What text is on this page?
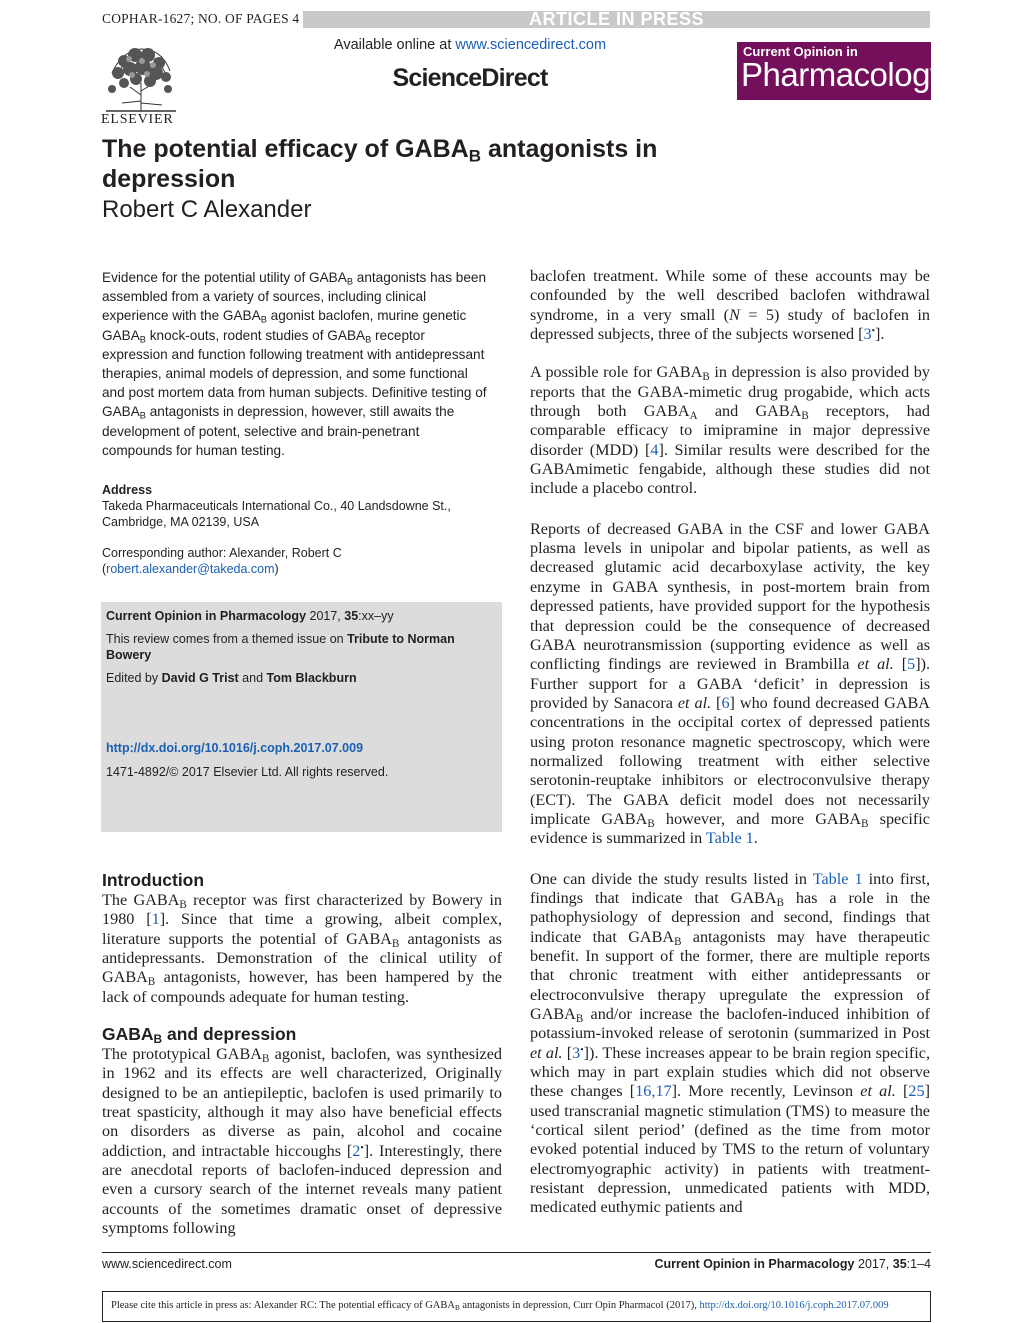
COPHAR-1627; NO. OF PAGES 4	ARTICLE IN PRESS
ELSEVIER
Available online at www.sciencedirect.com
ScienceDirect
Current Opinion in
Pharmacology
The potential efficacy of $GABA_B$ antagonists in
depression
Robert C Alexander
Evidence for the potential utility of $GABA_B$ antagonists has been assembled from a variety of sources, including clinical experience with the $GABA_B$ agonist baclofen, murine genetic $GABA_B$ knock-outs, rodent studies of $GABA_B$ receptor expression and function following treatment with antidepressant therapies, animal models of depression, and some functional and post mortem data from human subjects. Definitive testing of $GABA_B$ antagonists in depression, however, still awaits the development of potent, selective and brain-penetrant compounds for human testing.
Address
Takeda Pharmaceuticals International Co., 40 Landsdowne St.,
Cambridge, MA 02139, USA
Corresponding author: Alexander, Robert C
(robert.alexander@takeda.com)
Current Opinion in Pharmacology 2017, 35:xx–yy
This review comes from a themed issue on Tribute to Norman Bowery
Edited by David G Trist and Tom Blackburn
http://dx.doi.org/10.1016/j.coph.2017.07.009
1471-4892/© 2017 Elsevier Ltd. All rights reserved.
Introduction
The $GABA_B$ receptor was first characterized by Bowery in 1980 [1]. Since that time a growing, albeit complex, literature supports the potential of $GABA_B$ antagonists as antidepressants. Demonstration of the clinical utility of $GABA_B$ antagonists, however, has been hampered by the lack of compounds adequate for human testing.
$GABA_B$ and depression
The prototypical $GABA_B$ agonist, baclofen, was synthesized in 1962 and its effects are well characterized, Originally designed to be an antiepileptic, baclofen is used primarily to treat spasticity, although it may also have beneficial effects on disorders as diverse as pain, alcohol and cocaine addiction, and intractable hiccoughs [2•]. Interestingly, there are anecdotal reports of baclofen-induced depression and even a cursory search of the internet reveals many patient accounts of the sometimes dramatic onset of depressive symptoms following

baclofen treatment. While some of these accounts may be confounded by the well described baclofen withdrawal syndrome, in a very small (N = 5) study of baclofen in depressed subjects, three of the subjects worsened [3•].

A possible role for $GABA_B$ in depression is also provided by reports that the GABA-mimetic drug progabide, which acts through both $GABA_A$ and $GABA_B$ receptors, had comparable efficacy to imipramine in major depressive disorder (MDD) [4]. Similar results were described for the GABAmimetic fengabide, although these studies did not include a placebo control.

Reports of decreased GABA in the CSF and lower GABA plasma levels in unipolar and bipolar patients, as well as decreased glutamic acid decarboxylase activity, the key enzyme in GABA synthesis, in post-mortem brain from depressed patients, have provided support for the hypothesis that depression could be the consequence of decreased GABA neurotransmission (supporting evidence as well as conflicting findings are reviewed in Brambilla et al. [5]). Further support for a GABA ‘deficit’ in depression is provided by Sanacora et al. [6] who found decreased GABA concentrations in the occipital cortex of depressed patients using proton resonance magnetic spectroscopy, which were normalized following treatment with either selective serotonin-reuptake inhibitors or electroconvulsive therapy (ECT). The GABA deficit model does not necessarily implicate $GABA_B$ however, and more $GABA_B$ specific evidence is summarized in Table 1.

One can divide the study results listed in Table 1 into first, findings that indicate that $GABA_B$ has a role in the pathophysiology of depression and second, findings that indicate that $GABA_B$ antagonists may have therapeutic benefit. In support of the former, there are multiple reports that chronic treatment with either antidepressants or electroconvulsive therapy upregulate the expression of $GABA_B$ and/or increase the baclofen-induced inhibition of potassium-invoked release of serotonin (summarized in Post et al. [3•]). These increases appear to be brain region specific, which may in part explain studies which did not observe these changes [16,17]. More recently, Levinson et al. [25] used transcranial magnetic stimulation (TMS) to measure the ‘cortical silent period’ (defined as the time from motor evoked potential induced by TMS to the return of voluntary electromyographic activity) in patients with treatment-resistant depression, unmedicated patients with MDD, medicated euthymic patients and

www.sciencedirect.com	Current Opinion in Pharmacology 2017, 35:1–4
Please cite this article in press as: Alexander RC: The potential efficacy of $GABA_B$ antagonists in depression, Curr Opin Pharmacol (2017), http://dx.doi.org/10.1016/j.coph.2017.07.009
